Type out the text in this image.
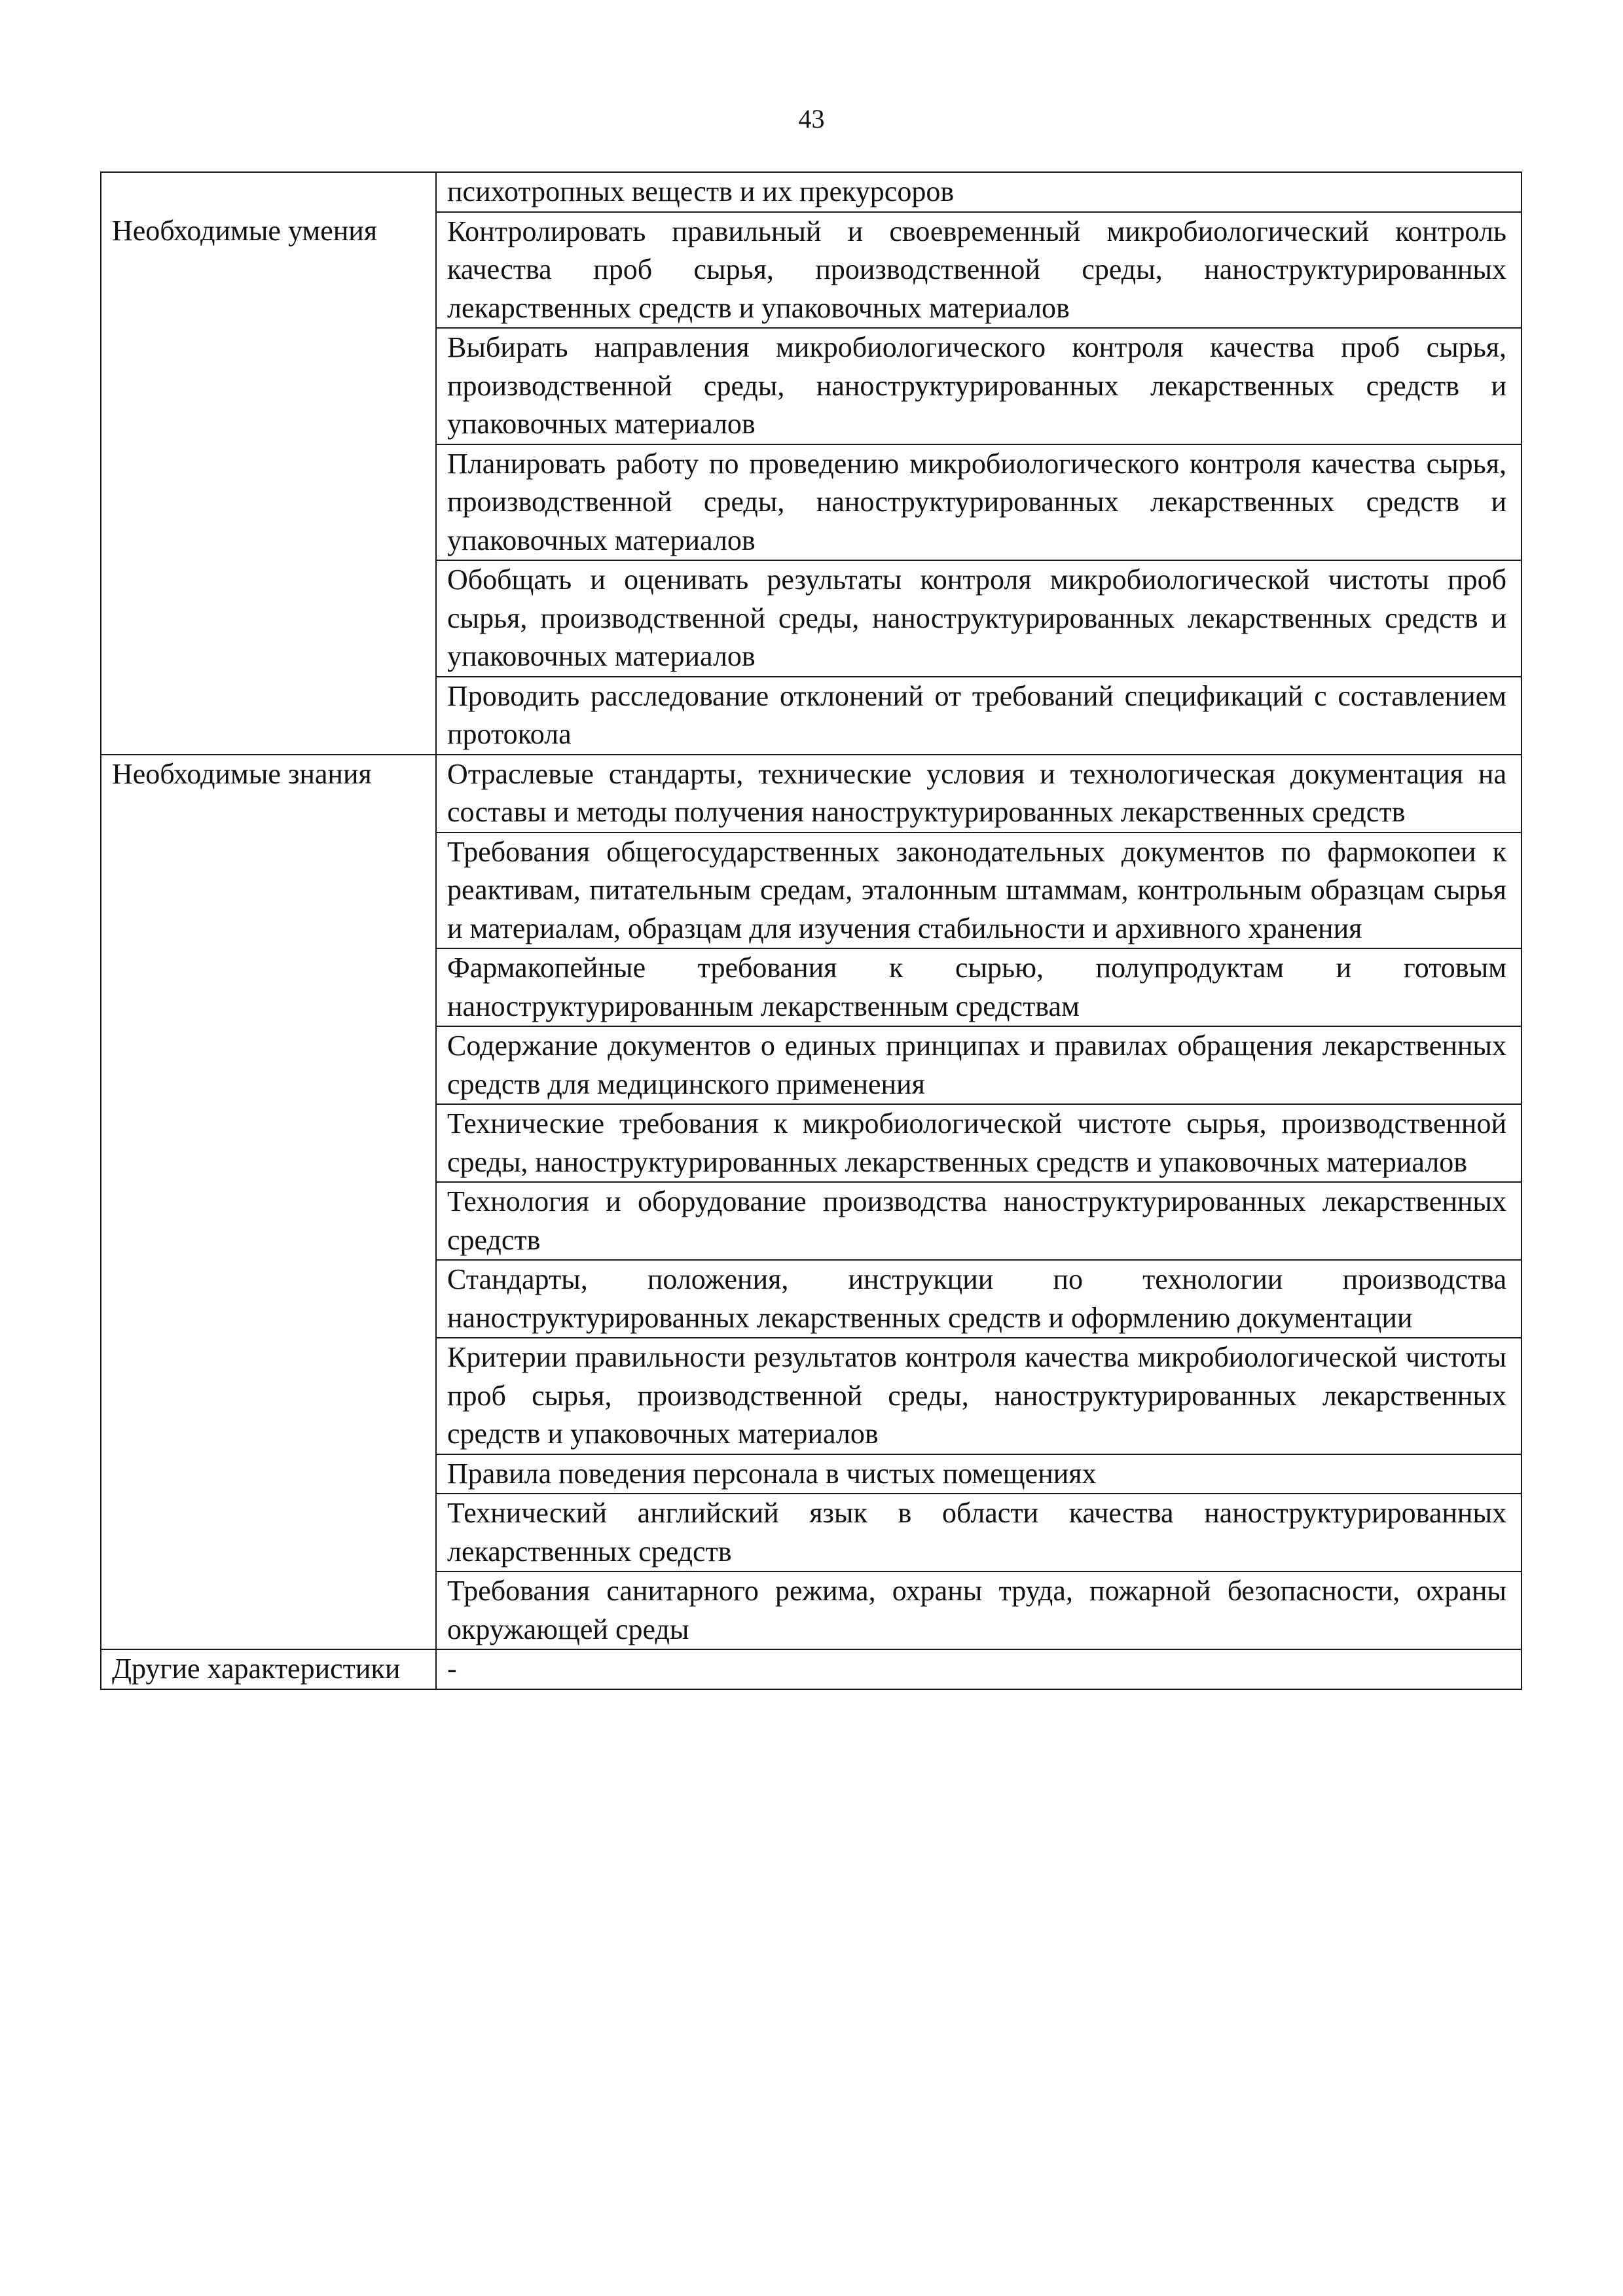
43
	психотропных веществ и их прекурсоров
Необходимые умения	Контролировать правильный и своевременный микробиологический контроль качества проб сырья, производственной среды, наноструктурированных лекарственных средств и упаковочных материалов
	Выбирать направления микробиологического контроля качества проб сырья, производственной среды, наноструктурированных лекарственных средств и упаковочных материалов
	Планировать работу по проведению микробиологического контроля качества сырья, производственной среды, наноструктурированных лекарственных средств и упаковочных материалов
	Обобщать и оценивать результаты контроля микробиологической чистоты проб сырья, производственной среды, наноструктурированных лекарственных средств и упаковочных материалов
	Проводить расследование отклонений от требований спецификаций с составлением протокола
Необходимые знания	Отраслевые стандарты, технические условия и технологическая документация на составы и методы получения наноструктурированных лекарственных средств
	Требования общегосударственных законодательных документов по фармокопеи к реактивам, питательным средам, эталонным штаммам, контрольным образцам сырья и материалам, образцам для изучения стабильности и архивного хранения
	Фармакопейные требования к сырью, полупродуктам и готовым наноструктурированным лекарственным средствам
	Содержание документов о единых принципах и правилах обращения лекарственных средств для медицинского применения
	Технические требования к микробиологической чистоте сырья, производственной среды, наноструктурированных лекарственных средств и упаковочных материалов
	Технология и оборудование производства наноструктурированных лекарственных средств
	Стандарты, положения, инструкции по технологии производства наноструктурированных лекарственных средств и оформлению документации
	Критерии правильности результатов контроля качества микробиологической чистоты проб сырья, производственной среды, наноструктурированных лекарственных средств и упаковочных материалов
	Правила поведения персонала в чистых помещениях
	Технический английский язык в области качества наноструктурированных лекарственных средств
	Требования санитарного режима, охраны труда, пожарной безопасности, охраны окружающей среды
Другие характеристики	-
